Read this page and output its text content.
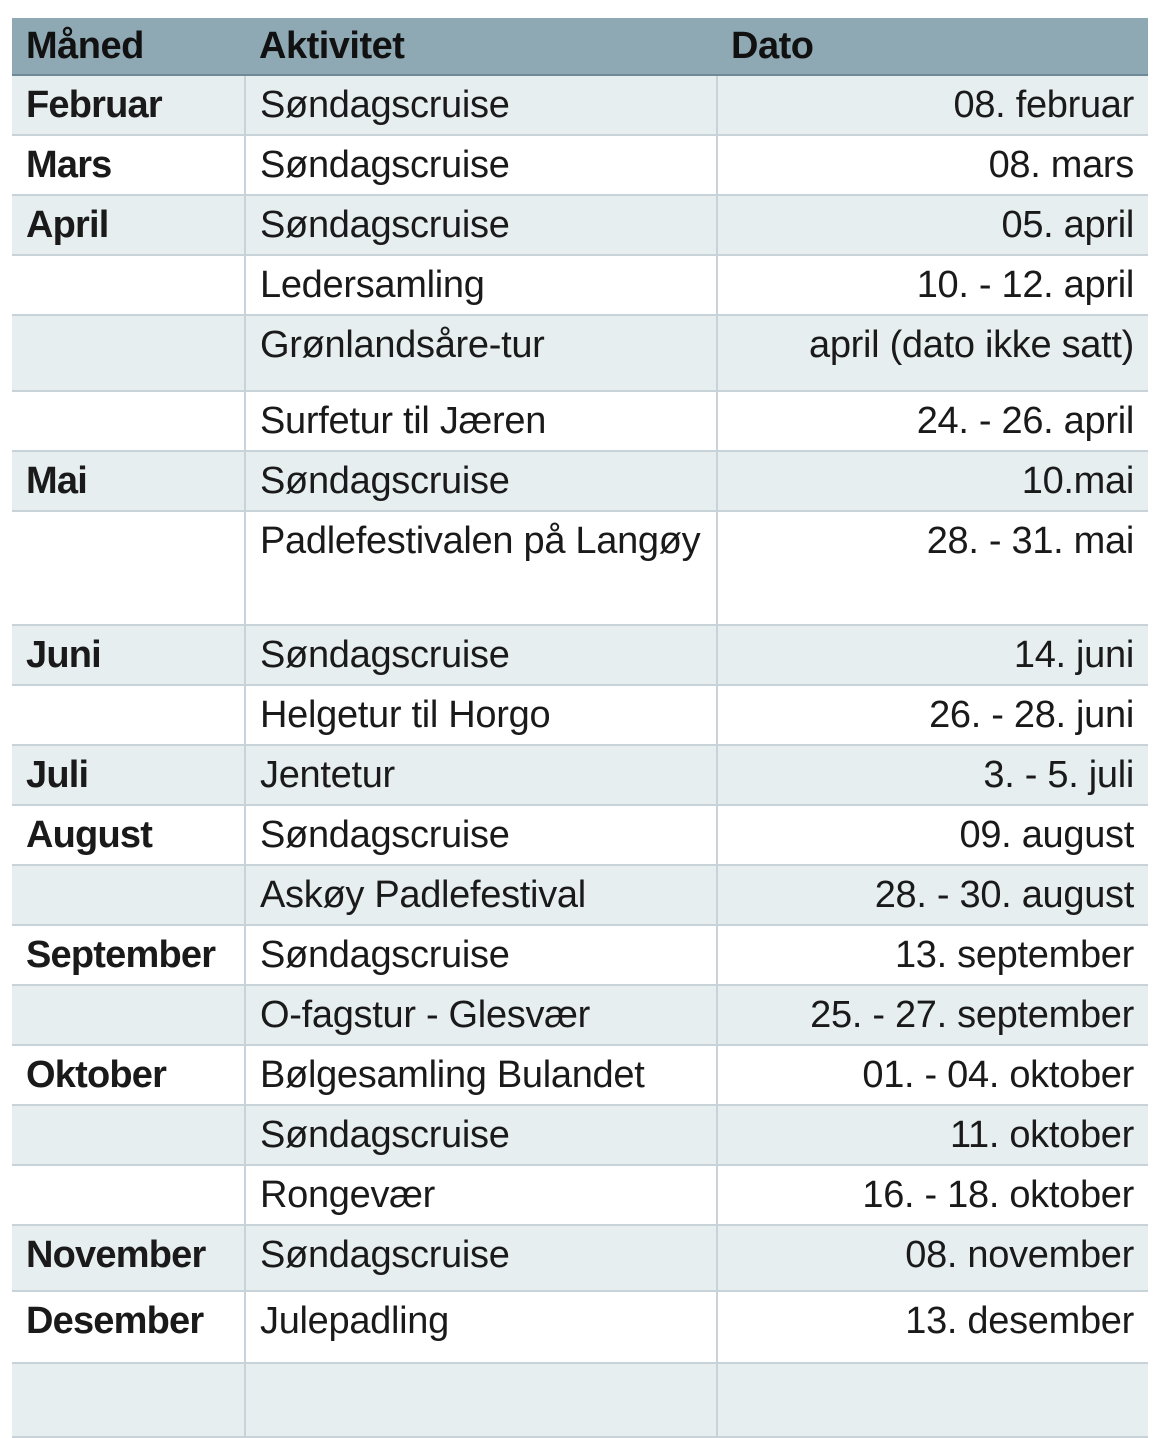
Måned	Aktivitet	Dato
Februar	Søndagscruise	08. februar
Mars	Søndagscruise	08. mars
April	Søndagscruise	05. april
	Ledersamling	10. - 12. april
	Grønlandsåre-tur	april (dato ikke satt)
	Surfetur til Jæren	24. - 26. april
Mai	Søndagscruise	10.mai
	Padlefestivalen på Langøy	28. - 31. mai
Juni	Søndagscruise	14. juni
	Helgetur til Horgo	26. - 28. juni
Juli	Jentetur	3. - 5. juli
August	Søndagscruise	09. august
	Askøy Padlefestival	28. - 30. august
September	Søndagscruise	13. september
	O-fagstur - Glesvær	25. - 27. september
Oktober	Bølgesamling Bulandet	01. - 04. oktober
	Søndagscruise	11. oktober
	Rongevær	16. - 18. oktober
November	Søndagscruise	08. november
Desember	Julepadling	13. desember
